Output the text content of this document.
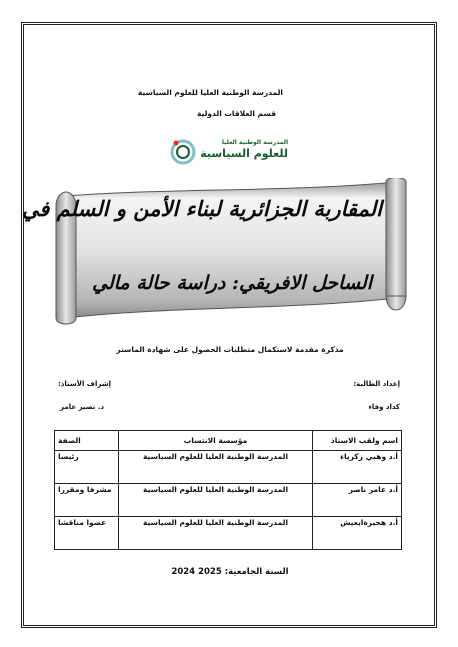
المدرسة الوطنية العليا للعلوم السياسية
قسم العلاقات الدولية
المدرسة الوطنية العليا
للعلوم السياسية
المقاربة الجزائرية لبناء الأمن و السلم في
الساحل الافريقي: دراسة حالة مالي
مذكرة مقدمة لاستكمال متطلبات الحصول على شهادة الماستر
إعداد الطالبة:
إشراف الأستاذ:
كداد وفاء
د. نصير عامر
اسم ولقب الاستاذ	مؤسسة الانتساب	الصفة
أ.د وهبي زكرياء	المدرسة الوطنية العليا للعلوم السياسية	رئيسا
أ.د عامر ناصر	المدرسة الوطنية العليا للعلوم السياسية	مشرفا ومقررا
أ.د هجيرةايعيش	المدرسة الوطنية العليا للعلوم السياسية	عضوا مناقشا
السنة الجامعية: 2025 2024
